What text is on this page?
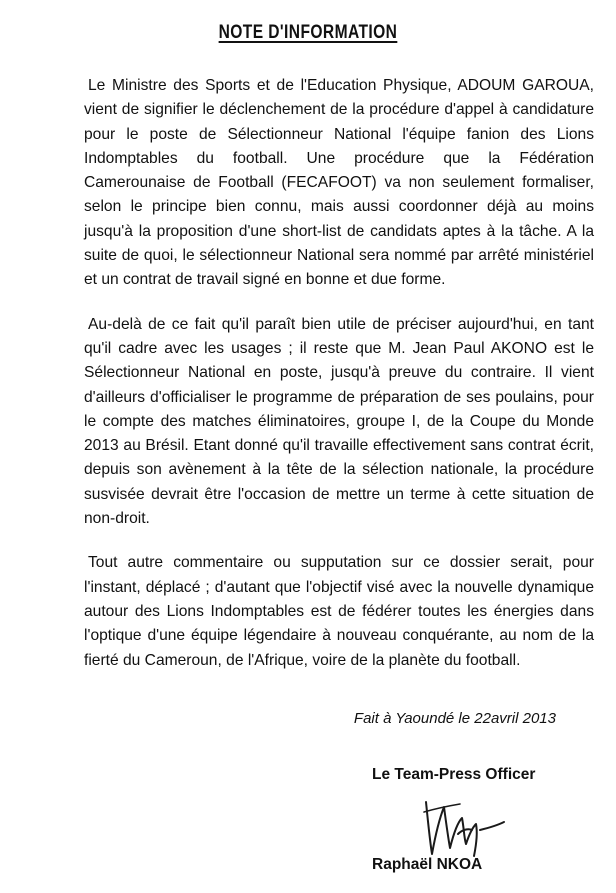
NOTE D'INFORMATION

Le Ministre des Sports et de l'Education Physique, ADOUM GAROUA, vient de signifier le déclenchement de la procédure d'appel à candidature pour le poste de Sélectionneur National l'équipe fanion des Lions Indomptables du football. Une procédure que la Fédération Camerounaise de Football (FECAFOOT) va non seulement formaliser, selon le principe bien connu, mais aussi coordonner déjà au moins jusqu'à la proposition d'une short-list de candidats aptes à la tâche. A la suite de quoi, le sélectionneur National sera nommé par arrêté ministériel et un contrat de travail signé en bonne et due forme.

Au-delà de ce fait qu'il paraît bien utile de préciser aujourd'hui, en tant qu'il cadre avec les usages ; il reste que M. Jean Paul AKONO est le Sélectionneur National en poste, jusqu'à preuve du contraire. Il vient d'ailleurs d'officialiser le programme de préparation de ses poulains, pour le compte des matches éliminatoires, groupe I, de la Coupe du Monde 2013 au Brésil. Etant donné qu'il travaille effectivement sans contrat écrit, depuis son avènement à la tête de la sélection nationale, la procédure susvisée devrait être l'occasion de mettre un terme à cette situation de non-droit.

Tout autre commentaire ou supputation sur ce dossier serait, pour l'instant, déplacé ; d'autant que l'objectif visé avec la nouvelle dynamique autour des Lions Indomptables est de fédérer toutes les énergies dans l'optique d'une équipe légendaire à nouveau conquérante, au nom de la fierté du Cameroun, de l'Afrique, voire de la planète du football.

Fait à Yaoundé le 22avril 2013
Le Team-Press Officer
Raphaël NKOA
